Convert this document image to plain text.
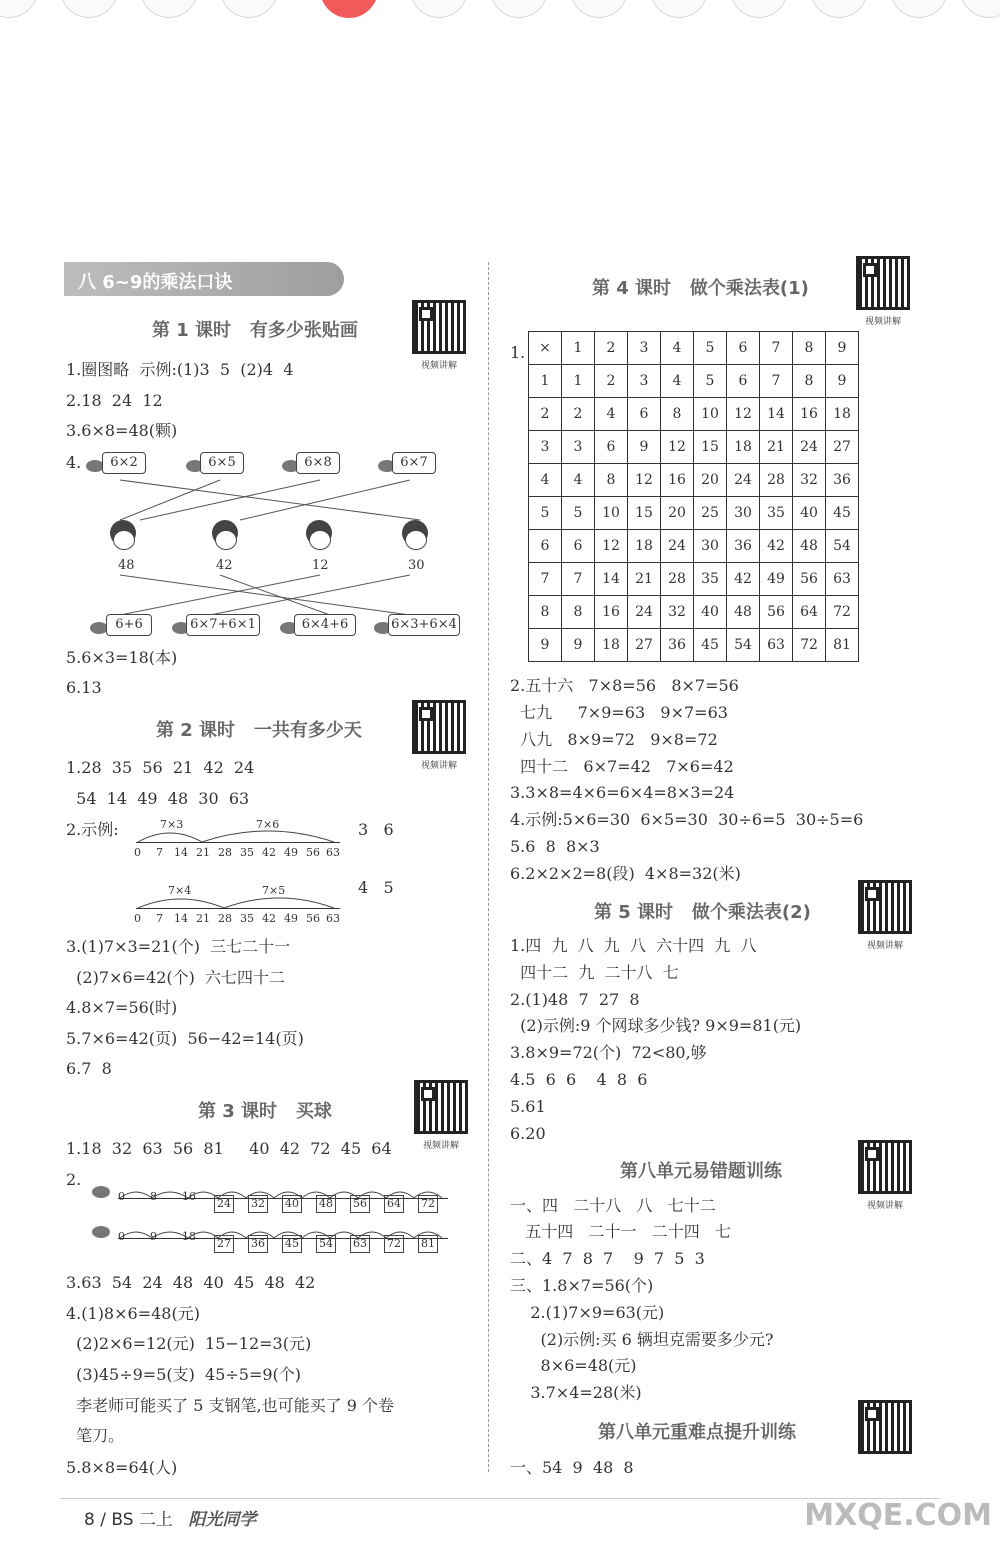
八 6~9的乘法口诀
第 1 课时   有多少张贴画
视频讲解
1.圈图略  示例:(1)3  5  (2)4  4
2.18  24  12
3.6×8=48(颗)
4.	6×2	6×5	6×8	6×7
48	42	12	30
6+6	6×7+6×1	6×4+6	6×3+6×4
5.6×3=18(本)
6.13
第 2 课时   一共有多少天
视频讲解
1.28  35  56  21  42  24
54  14  49  48  30  63
2.示例:	7×3	7×6
0 7 14 21 28 35 42 49 56 63
3   6
7×4	7×5
0 7 14 21 28 35 42 49 56 63
4   5
3.(1)7×3=21(个)  三七二十一
(2)7×6=42(个)  六七四十二
4.8×7=56(时)
5.7×6=42(页)  56−42=14(页)
6.7  8
第 3 课时   买球
视频讲解
1.18  32  63  56  81     40  42  72  45  64
2.
0 8 16
24 32 40 48 56 64 72
0 9 18
27 36 45 54 63 72 81
3.63  54  24  48  40  45  48  42
4.(1)8×6=48(元)
(2)2×6=12(元)  15−12=3(元)
(3)45÷9=5(支)  45÷5=9(个)
李老师可能买了 5 支钢笔,也可能买了 9 个卷
笔刀。
5.8×8=64(人)
第 4 课时   做个乘法表(1)
视频讲解
1. ×	1	2	3	4	5	6	7	8	9
1	1	2	3	4	5	6	7	8	9
2	2	4	6	8	10	12	14	16	18
3	3	6	9	12	15	18	21	24	27
4	4	8	12	16	20	24	28	32	36
5	5	10	15	20	25	30	35	40	45
6	6	12	18	24	30	36	42	48	54
7	7	14	21	28	35	42	49	56	63
8	8	16	24	32	40	48	56	64	72
9	9	18	27	36	45	54	63	72	81
2.五十六   7×8=56   8×7=56
七九     7×9=63   9×7=63
八九   8×9=72   9×8=72
四十二   6×7=42   7×6=42
3.3×8=4×6=6×4=8×3=24
4.示例:5×6=30  6×5=30  30÷6=5  30÷5=6
5.6  8  8×3
6.2×2×2=8(段)  4×8=32(米)
第 5 课时   做个乘法表(2)
视频讲解
1.四  九  八  九  八  六十四  九  八
四十二  九  二十八  七
2.(1)48  7  27  8
(2)示例:9 个网球多少钱? 9×9=81(元)
3.8×9=72(个)  72<80,够
4.5  6  6    4  8  6
5.61
6.20
第八单元易错题训练
视频讲解
一、四   二十八   八   七十二
五十四   二十一   二十四   七
二、4  7  8  7    9  7  5  3
三、1.8×7=56(个)
2.(1)7×9=63(元)
(2)示例:买 6 辆坦克需要多少元?
8×6=48(元)
3.7×4=28(米)
第八单元重难点提升训练
一、54  9  48  8
8 / BS 二上 阳光同学	MXQE.COM
